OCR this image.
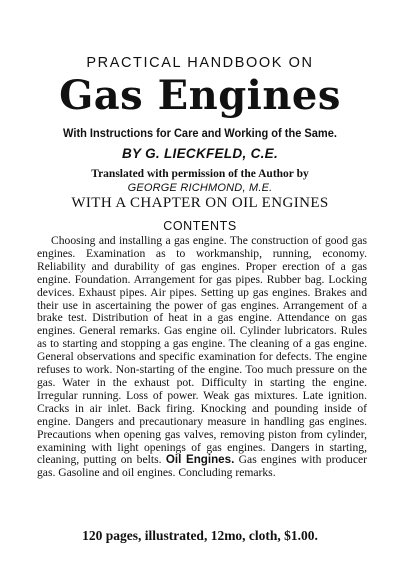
PRACTICAL HANDBOOK ON
Gas Engines
With Instructions for Care and Working of the Same.
BY G. LIECKFELD, C.E.
Translated with permission of the Author by
GEORGE RICHMOND, M.E.
WITH A CHAPTER ON OIL ENGINES
CONTENTS

Choosing and installing a gas engine. The construction of good gas engines. Examination as to workmanship, running, economy. Reliability and durability of gas engines. Proper erection of a gas engine. Foundation. Arrangement for gas pipes. Rubber bag. Locking devices. Exhaust pipes. Air pipes. Setting up gas engines. Brakes and their use in ascertaining the power of gas engines. Arrangement of a brake test. Distribution of heat in a gas engine. Attendance on gas engines. General remarks. Gas engine oil. Cylinder lubricators. Rules as to starting and stopping a gas engine. The cleaning of a gas engine. General observations and specific examination for defects. The engine refuses to work. Non-starting of the engine. Too much pressure on the gas. Water in the exhaust pot. Difficulty in starting the engine. Irregular running. Loss of power. Weak gas mixtures. Late ignition. Cracks in air inlet. Back firing. Knocking and pounding inside of engine. Dangers and precautionary measure in handling gas engines. Precautions when opening gas valves, removing piston from cylinder, examining with light openings of gas engines. Dangers in starting, cleaning, putting on belts. Oil Engines. Gas engines with producer gas. Gasoline and oil engines. Concluding remarks.

120 pages, illustrated, 12mo, cloth, $1.00.
